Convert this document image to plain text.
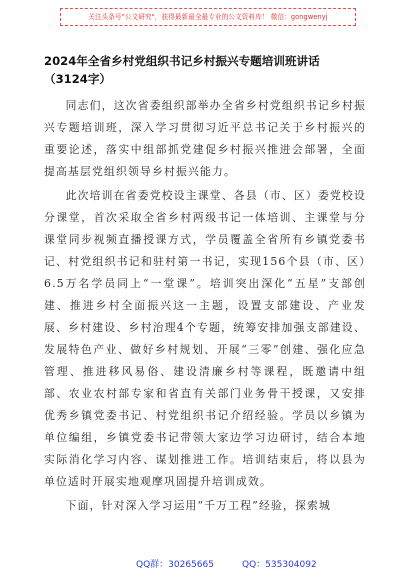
关注头条号"公文研究"，获得最新最全最专业的公文资料库！ 微信：gongwenyj
2024年全省乡村党组织书记乡村振兴专题培训班讲话
（3124字）

同志们，这次省委组织部举办全省乡村党组织书记乡村振兴专题培训班，深入学习贯彻习近平总书记关于乡村振兴的重要论述，落实中组部抓党建促乡村振兴推进会部署，全面提高基层党组织领导乡村振兴能力。

此次培训在省委党校设主课堂、各县（市、区）委党校设分课堂，首次采取全省乡村两级书记一体培训、主课堂与分课堂同步视频直播授课方式，学员覆盖全省所有乡镇党委书记、村党组织书记和驻村第一书记，实现156个县（市、区）6.5万名学员同上“一堂课”。培训突出深化“五星”支部创建、推进乡村全面振兴这一主题，设置支部建设、产业发展、乡村建设、乡村治理4个专题，统筹安排加强支部建设、发展特色产业、做好乡村规划、开展“三零”创建、强化应急管理、推进移风易俗、建设清廉乡村等课程，既邀请中组部、农业农村部专家和省直有关部门业务骨干授课，又安排优秀乡镇党委书记、村党组织书记介绍经验。学员以乡镇为单位编组，乡镇党委书记带领大家边学习边研讨，结合本地实际消化学习内容、谋划推进工作。培训结束后，将以县为单位适时开展实地观摩巩固提升培训成效。

下面，针对深入学习运用“千万工程”经验，探索城

QQ群：30265665	QQ：535304092
